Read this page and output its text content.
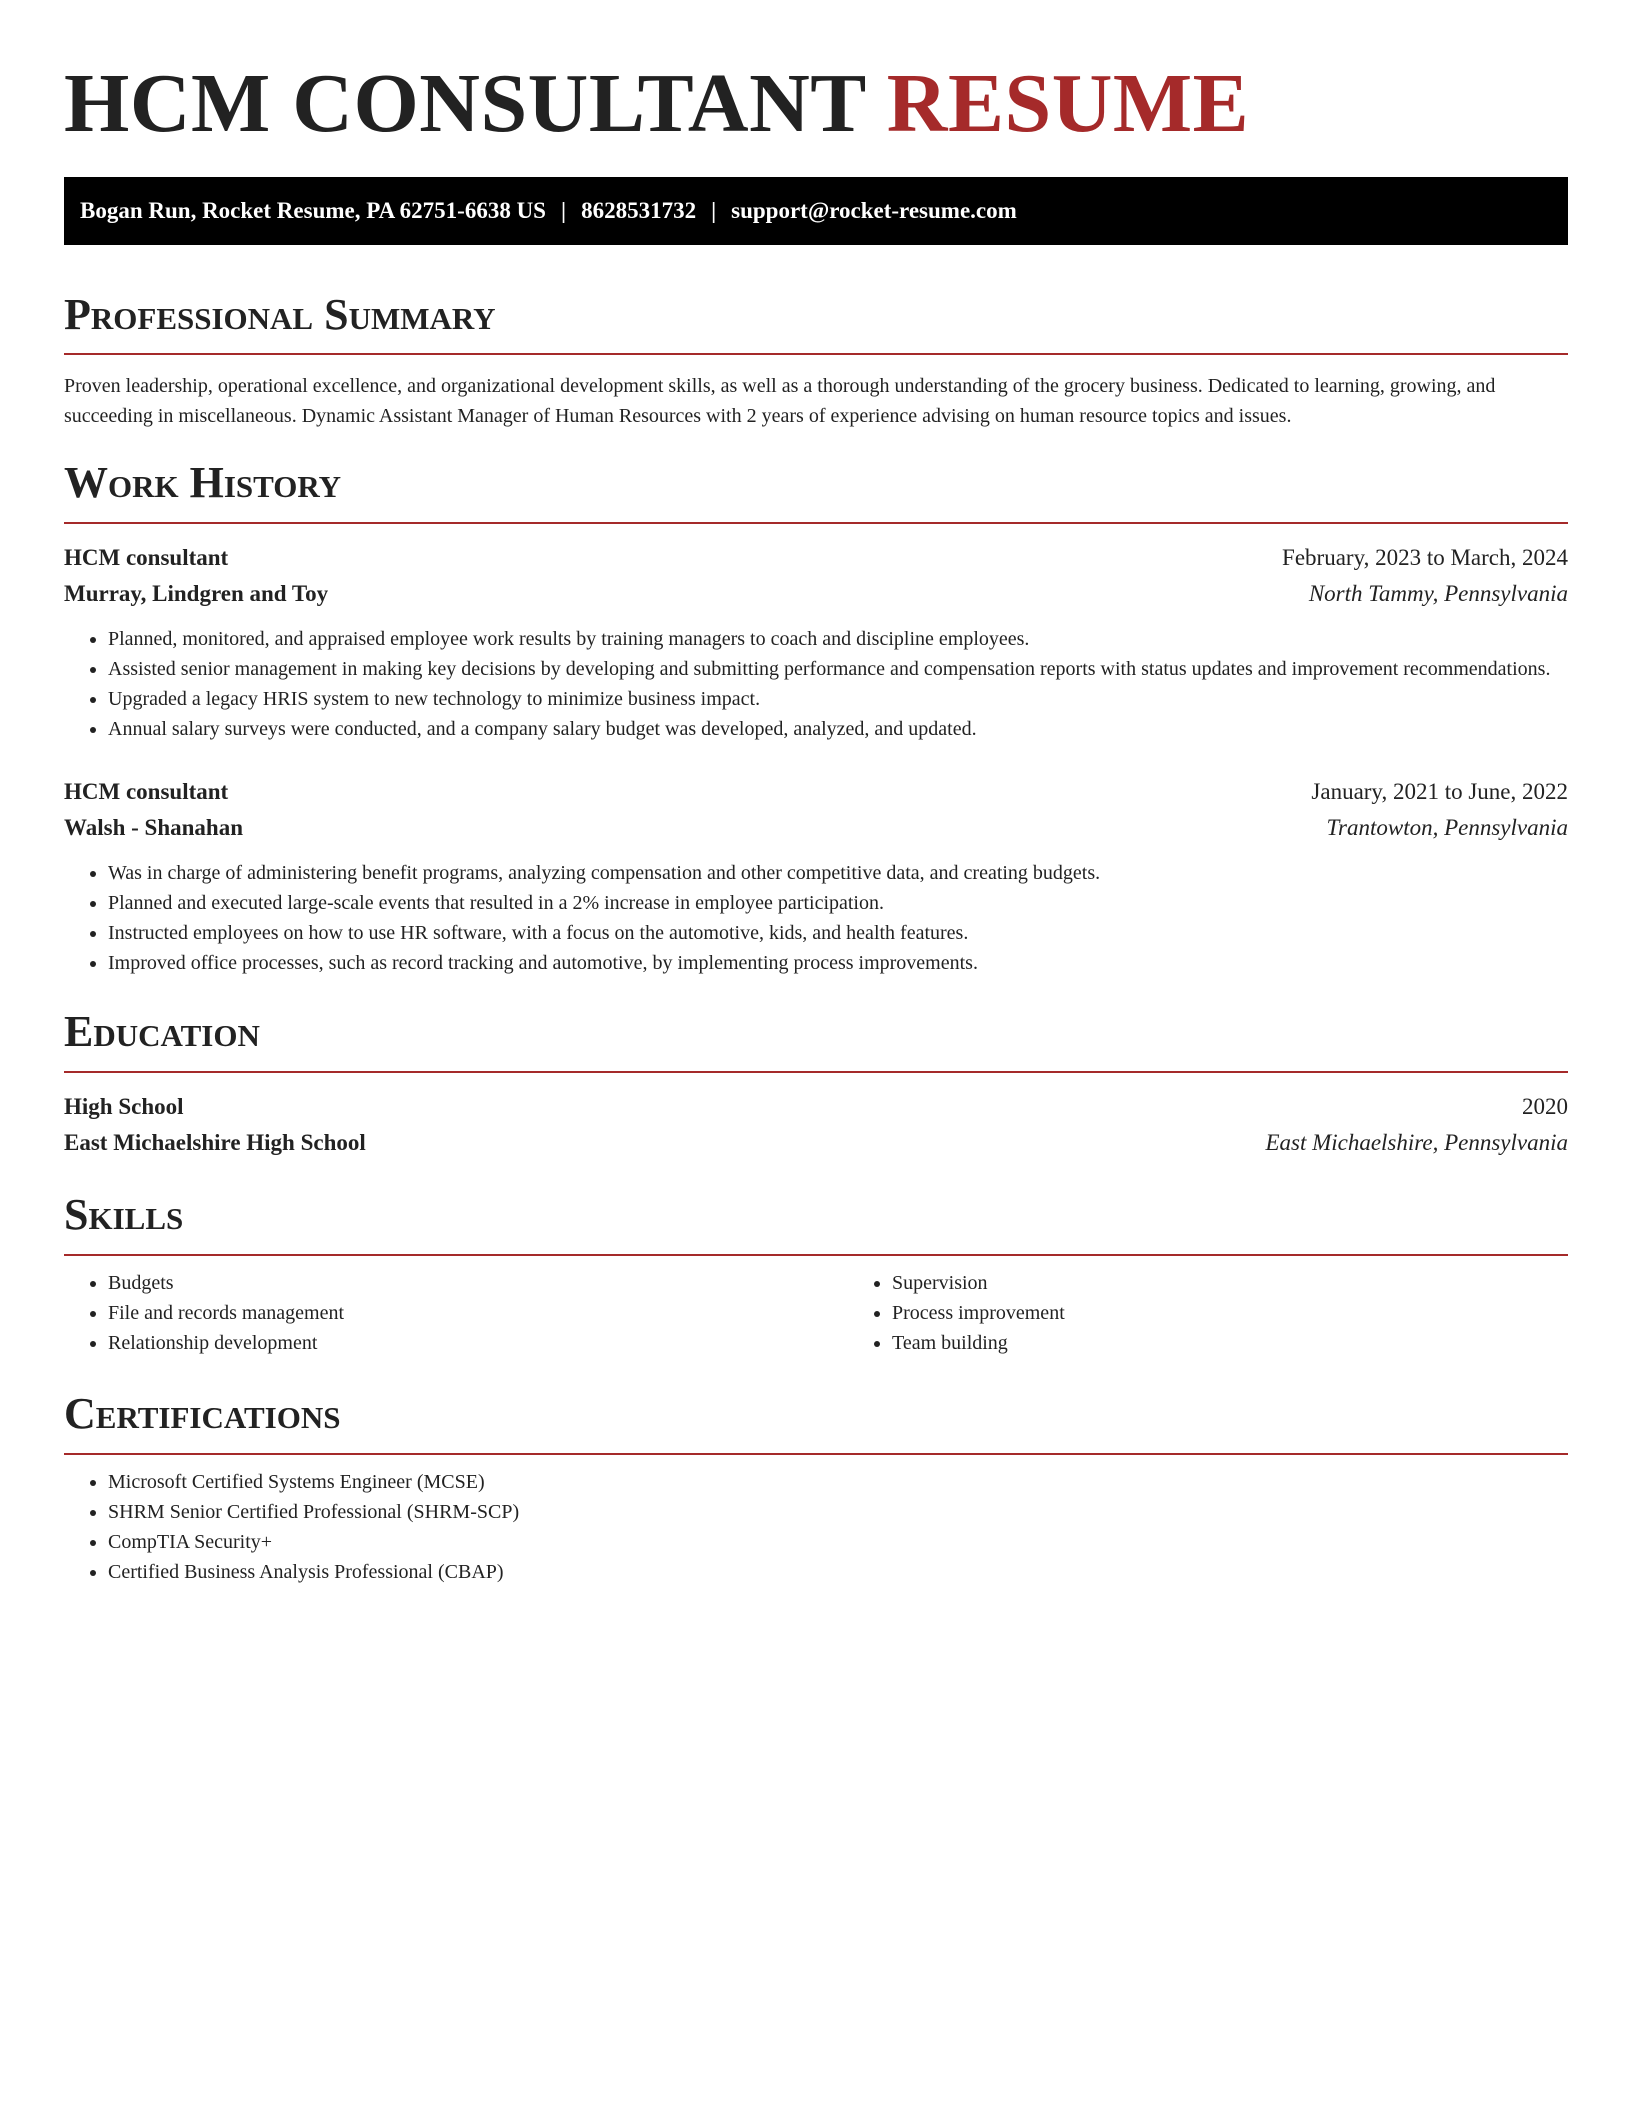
HCM CONSULTANT RESUME
Bogan Run, Rocket Resume, PA 62751-6638 US | 8628531732 | support@rocket-resume.com
Professional Summary

Proven leadership, operational excellence, and organizational development skills, as well as a thorough understanding of the grocery business. Dedicated to learning, growing, and succeeding in miscellaneous. Dynamic Assistant Manager of Human Resources with 2 years of experience advising on human resource topics and issues.

Work History
HCM consultant	February, 2023 to March, 2024
Murray, Lindgren and Toy	North Tammy, Pennsylvania
• Planned, monitored, and appraised employee work results by training managers to coach and discipline employees.
• Assisted senior management in making key decisions by developing and submitting performance and compensation reports with status updates and improvement recommendations.
• Upgraded a legacy HRIS system to new technology to minimize business impact.
• Annual salary surveys were conducted, and a company salary budget was developed, analyzed, and updated.
HCM consultant	January, 2021 to June, 2022
Walsh - Shanahan	Trantowton, Pennsylvania
• Was in charge of administering benefit programs, analyzing compensation and other competitive data, and creating budgets.
• Planned and executed large-scale events that resulted in a 2% increase in employee participation.
• Instructed employees on how to use HR software, with a focus on the automotive, kids, and health features.
• Improved office processes, such as record tracking and automotive, by implementing process improvements.
Education
High School	2020
East Michaelshire High School	East Michaelshire, Pennsylvania
Skills
• Budgets
• File and records management
• Relationship development
• Supervision
• Process improvement
• Team building
Certifications
• Microsoft Certified Systems Engineer (MCSE)
• SHRM Senior Certified Professional (SHRM-SCP)
• CompTIA Security+
• Certified Business Analysis Professional (CBAP)
